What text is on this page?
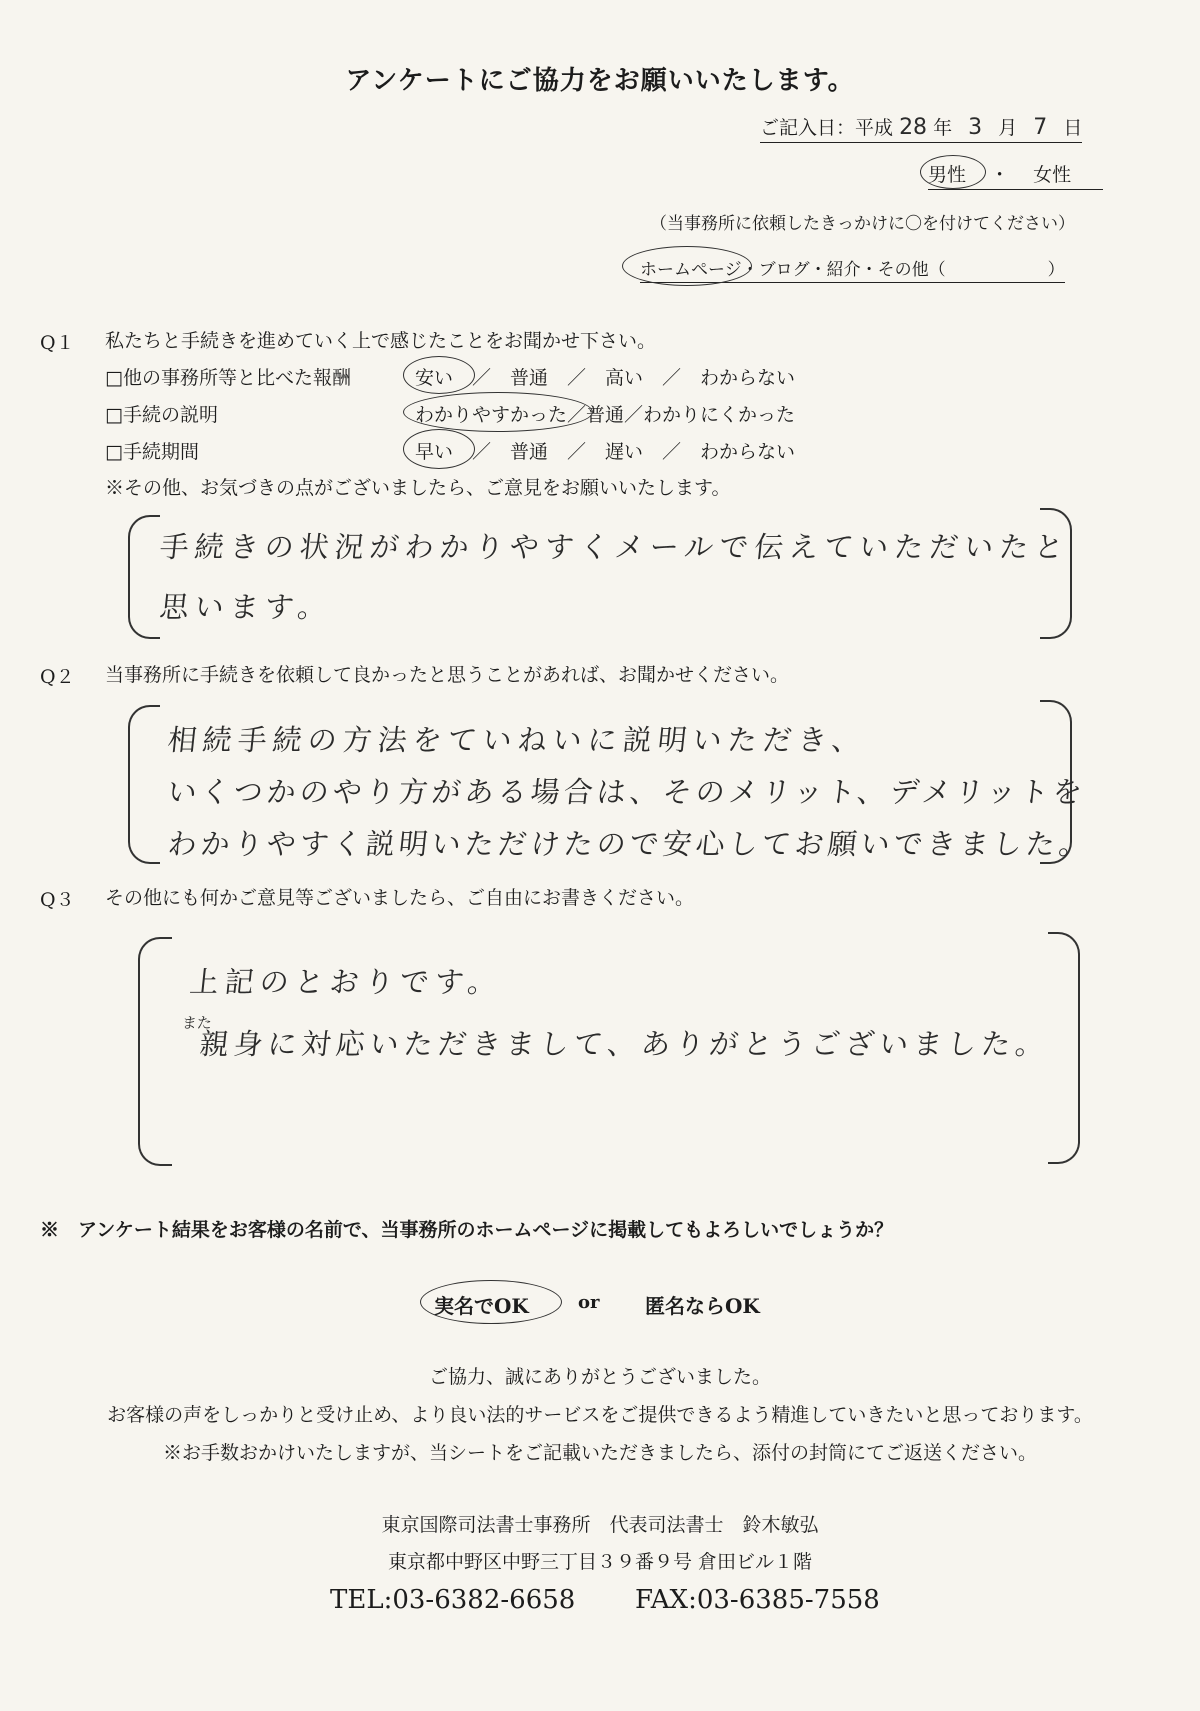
アンケートにご協力をお願いいたします。
ご記入日：平成 28 年 3 月 7 日
男性 ・ 女性
（当事務所に依頼したきっかけに〇を付けてください）
ホームページ・ブログ・紹介・その他（　　　　　　）
Q１ 私たちと手続きを進めていく上で感じたことをお聞かせ下さい。
□他の事務所等と比べた報酬	安い　／　普通　／　高い　／　わからない
□手続の説明	わかりやすかった／普通／わかりにくかった
□手続期間	早い　／　普通　／　遅い　／　わからない
※その他、お気づきの点がございましたら、ご意見をお願いいたします。
手続きの状況がわかりやすくメールで伝えていただいたと
思います。
Q２ 当事務所に手続きを依頼して良かったと思うことがあれば、お聞かせください。
相続手続の方法をていねいに説明いただき、
いくつかのやり方がある場合は、そのメリット、デメリットを
わかりやすく説明いただけたので安心してお願いできました。
Q３ その他にも何かご意見等ございましたら、ご自由にお書きください。
上記のとおりです。
また
親身に対応いただきまして、ありがとうございました。
※　アンケート結果をお客様の名前で、当事務所のホームページに掲載してもよろしいでしょうか？
実名でOK	or 匿名ならOK
ご協力、誠にありがとうございました。
お客様の声をしっかりと受け止め、より良い法的サービスをご提供できるよう精進していきたいと思っております。
※お手数おかけいたしますが、当シートをご記載いただきましたら、添付の封筒にてご返送ください。
東京国際司法書士事務所　代表司法書士　鈴木敏弘
東京都中野区中野三丁目３９番９号 倉田ビル１階
TEL:03-6382-6658 FAX:03-6385-7558
